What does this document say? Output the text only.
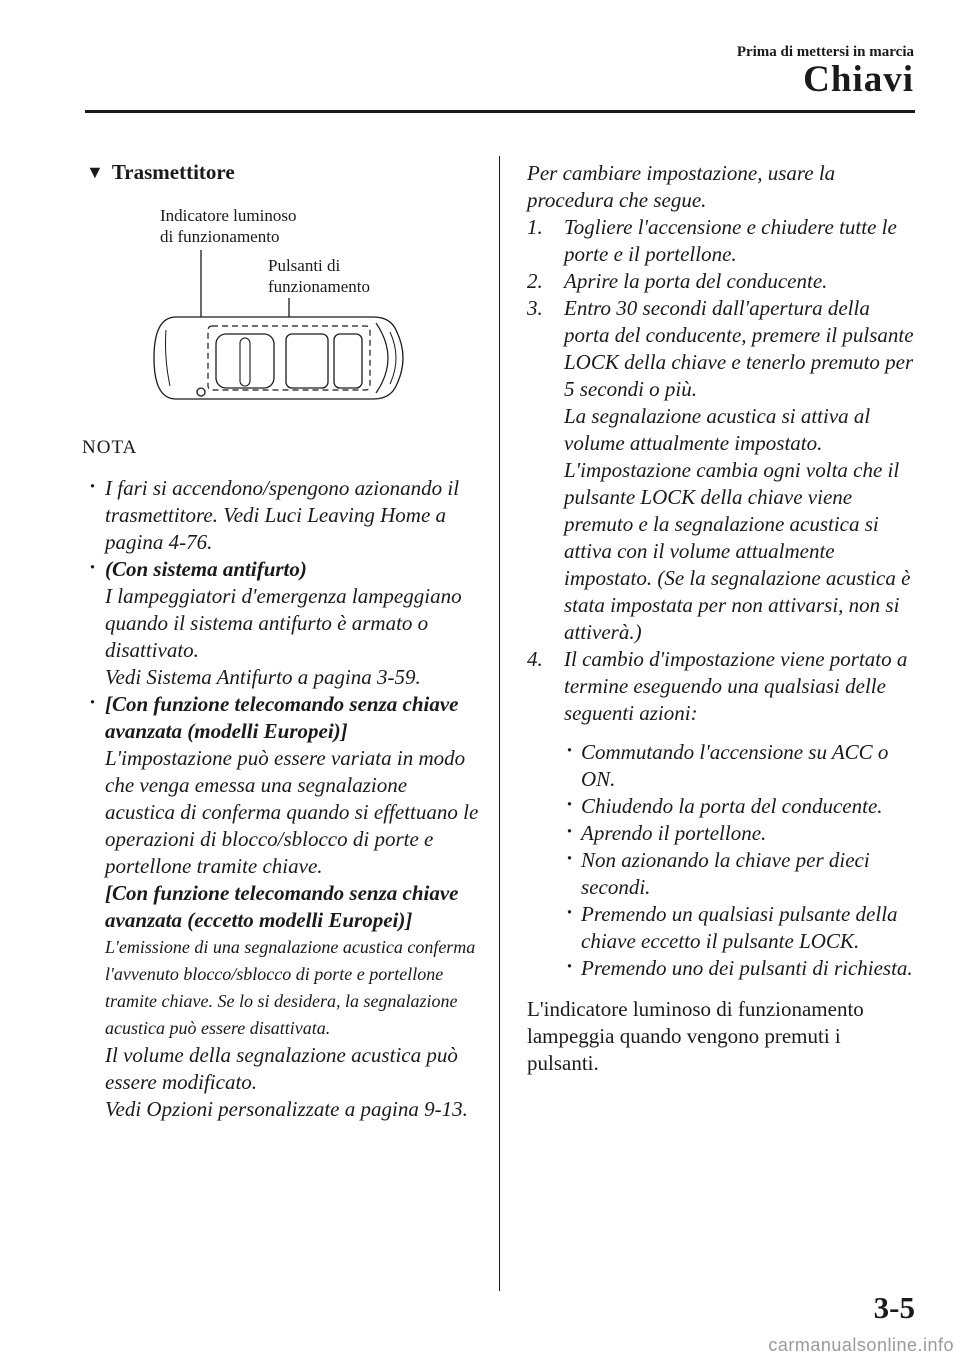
Prima di mettersi in marcia
Chiavi
▼ Trasmettitore
Indicatore luminoso
di funzionamento
Pulsanti di
funzionamento
NOTA
· I fari si accendono/spengono azionando il trasmettitore. Vedi Luci Leaving Home a pagina 4-76.
· (Con sistema antifurto)
I lampeggiatori d'emergenza lampeggiano quando il sistema antifurto è armato o disattivato.
Vedi Sistema Antifurto a pagina 3-59.
· [Con funzione telecomando senza chiave avanzata (modelli Europei)]
L'impostazione può essere variata in modo che venga emessa una segnalazione acustica di conferma quando si effettuano le operazioni di blocco/sblocco di porte e portellone tramite chiave.
[Con funzione telecomando senza chiave avanzata (eccetto modelli Europei)]
L'emissione di una segnalazione acustica conferma l'avvenuto blocco/sblocco di porte e portellone tramite chiave. Se lo si desidera, la segnalazione acustica può essere disattivata.
Il volume della segnalazione acustica può essere modificato.
Vedi Opzioni personalizzate a pagina 9-13.
Per cambiare impostazione, usare la procedura che segue.
1. Togliere l'accensione e chiudere tutte le porte e il portellone.
2. Aprire la porta del conducente.
3. Entro 30 secondi dall'apertura della porta del conducente, premere il pulsante LOCK della chiave e tenerlo premuto per 5 secondi o più.
La segnalazione acustica si attiva al volume attualmente impostato.
L'impostazione cambia ogni volta che il pulsante LOCK della chiave viene premuto e la segnalazione acustica si attiva con il volume attualmente impostato. (Se la segnalazione acustica è stata impostata per non attivarsi, non si attiverà.)
4. Il cambio d'impostazione viene portato a termine eseguendo una qualsiasi delle seguenti azioni:
· Commutando l'accensione su ACC o ON.
· Chiudendo la porta del conducente.
· Aprendo il portellone.
· Non azionando la chiave per dieci secondi.
· Premendo un qualsiasi pulsante della chiave eccetto il pulsante LOCK.
· Premendo uno dei pulsanti di richiesta.
L'indicatore luminoso di funzionamento lampeggia quando vengono premuti i pulsanti.
3-5
carmanualsonline.info
